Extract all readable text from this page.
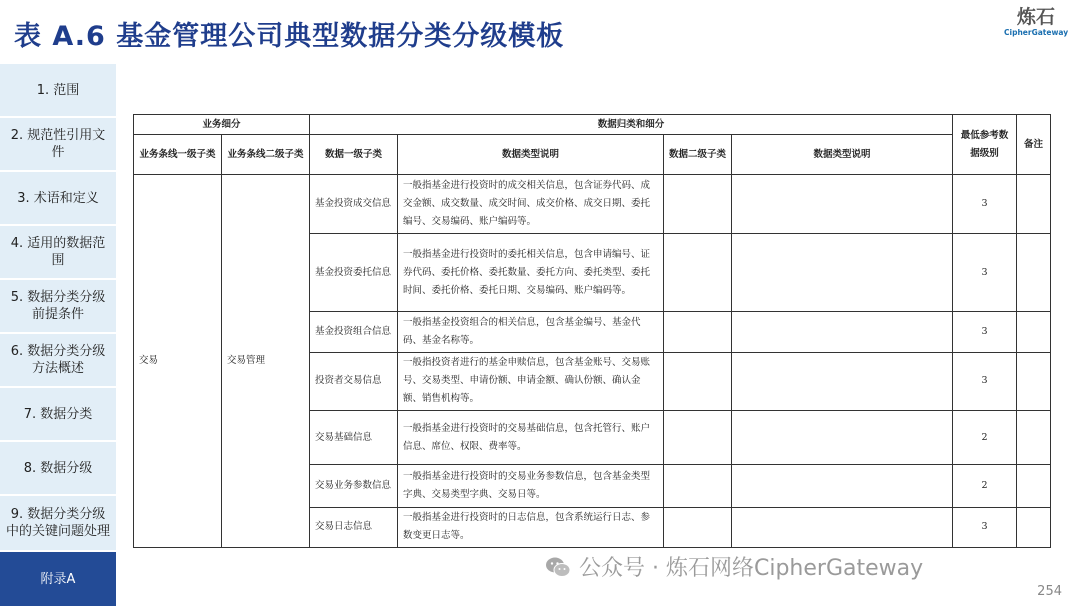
表 A.6 基金管理公司典型数据分类分级模板
炼石
CipherGateway
1. 范围
2. 规范性引用文件
3. 术语和定义
4. 适用的数据范围
5. 数据分类分级前提条件
6. 数据分类分级方法概述
7. 数据分类
8. 数据分级
9. 数据分类分级中的关键问题处理
附录A
业务细分		数据归类和细分				最低参考数据级别	备注
业务条线一级子类	业务条线二级子类	数据一级子类	数据类型说明	数据二级子类	数据类型说明		
交易	交易管理	基金投资成交信息	一般指基金进行投资时的成交相关信息，包含证券代码、成交金额、成交数量、成交时间、成交价格、成交日期、委托编号、交易编码、账户编码等。			3	
		基金投资委托信息	一般指基金进行投资时的委托相关信息，包含申请编号、证券代码、委托价格、委托数量、委托方向、委托类型、委托时间、委托价格、委托日期、交易编码、账户编码等。			3	
		基金投资组合信息	一般指基金投资组合的相关信息，包含基金编号、基金代码、基金名称等。			3	
		投资者交易信息	一般指投资者进行的基金申赎信息，包含基金账号、交易账号、交易类型、申请份额、申请金额、确认份额、确认金额、销售机构等。			3	
		交易基础信息	一般指基金进行投资时的交易基础信息，包含托管行、账户信息、席位、权限、费率等。			2	
		交易业务参数信息	一般指基金进行投资时的交易业务参数信息，包含基金类型字典、交易类型字典、交易日等。			2	
		交易日志信息	一般指基金进行投资时的日志信息，包含系统运行日志、参数变更日志等。			3	
公众号 · 炼石网络CipherGateway
254
